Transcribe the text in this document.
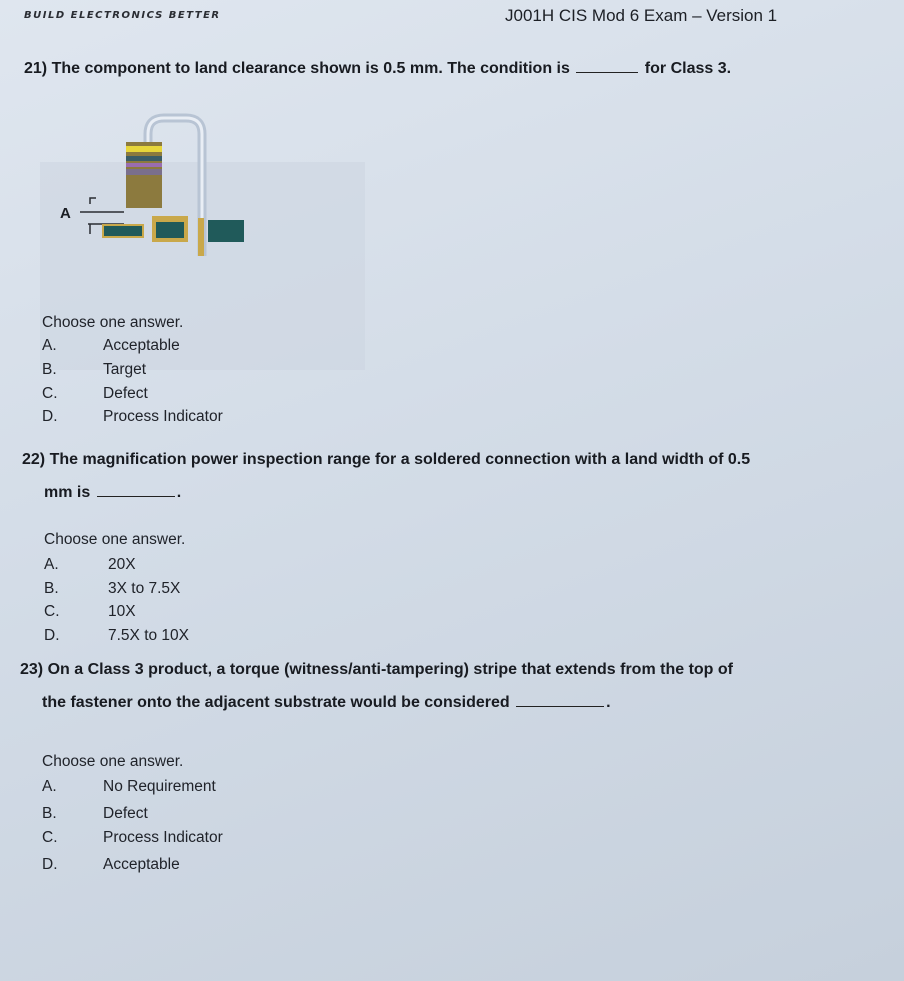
BUILD ELECTRONICS BETTER	J001H CIS Mod 6 Exam – Version 1
21) The component to land clearance shown is 0.5 mm. The condition is	for Class 3.
A
Choose one answer.
A.	Acceptable
B.	Target
C.	Defect
D.	Process Indicator
22) The magnification power inspection range for a soldered connection with a land width of 0.5
mm is	.
Choose one answer.
A.	20X
B.	3X to 7.5X
C.	10X
D.	7.5X to 10X
23) On a Class 3 product, a torque (witness/anti-tampering) stripe that extends from the top of
the fastener onto the adjacent substrate would be considered	.
Choose one answer.
A.	No Requirement
B.	Defect
C.	Process Indicator
D.	Acceptable
